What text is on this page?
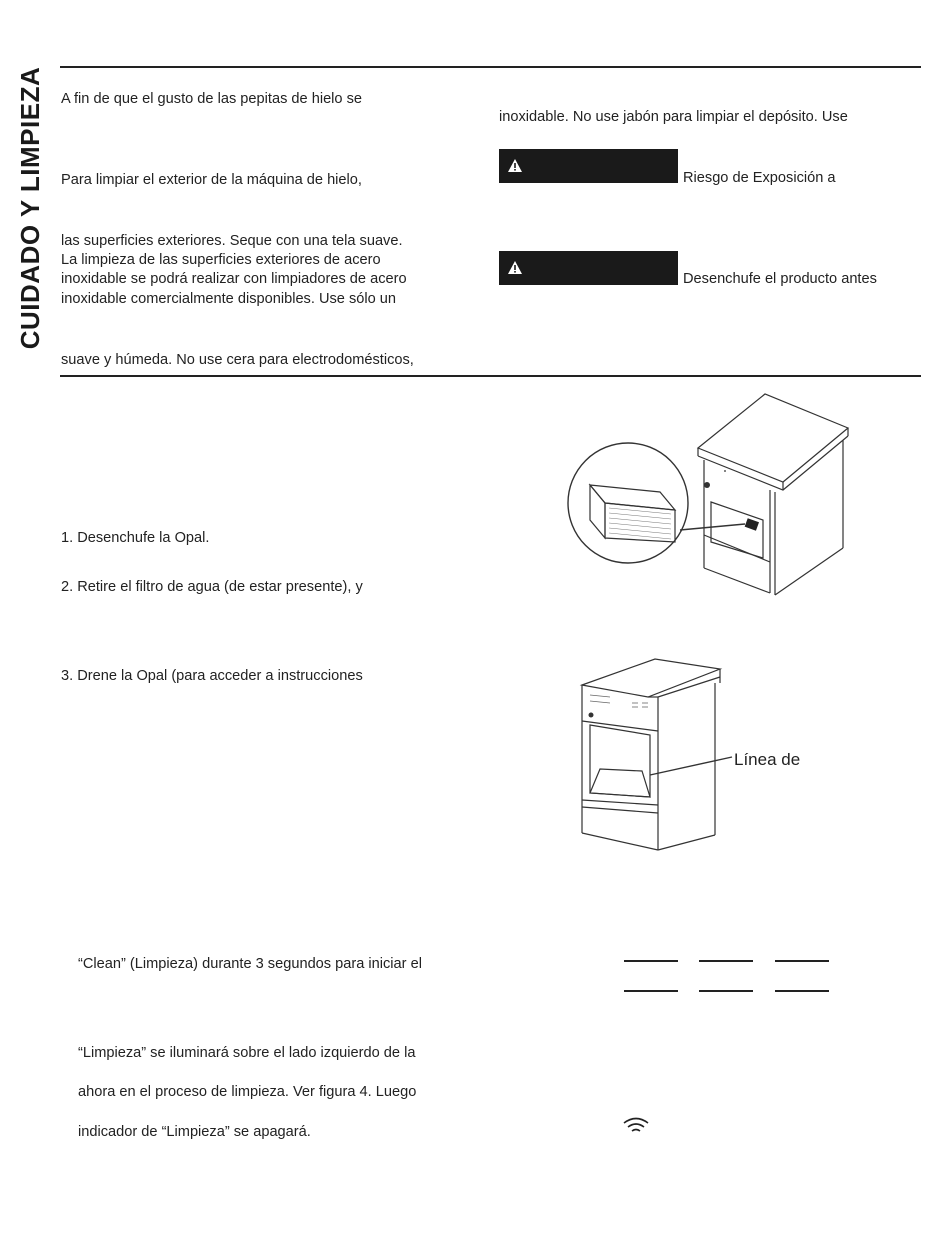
CUIDADO Y LIMPIEZA	A fin de que el gusto de las pepitas de hielo se
Para limpiar el exterior de la máquina de hielo,
las superficies exteriores. Seque con una tela suave.
La limpieza de las superficies exteriores de acero
inoxidable se podrá realizar con limpiadores de acero
inoxidable comercialmente disponibles. Use sólo un
suave y húmeda. No use cera para electrodomésticos,
inoxidable. No use jabón para limpiar el depósito. Use
Riesgo de Exposición a
Desenchufe el producto antes
1. Desenchufe la Opal.
2. Retire el filtro de agua (de estar presente), y
3. Drene la Opal (para acceder a instrucciones
Línea de
“Clean” (Limpieza) durante 3 segundos para iniciar el
“Limpieza” se iluminará sobre el lado izquierdo de la
ahora en el proceso de limpieza. Ver figura 4. Luego
indicador de “Limpieza” se apagará.
